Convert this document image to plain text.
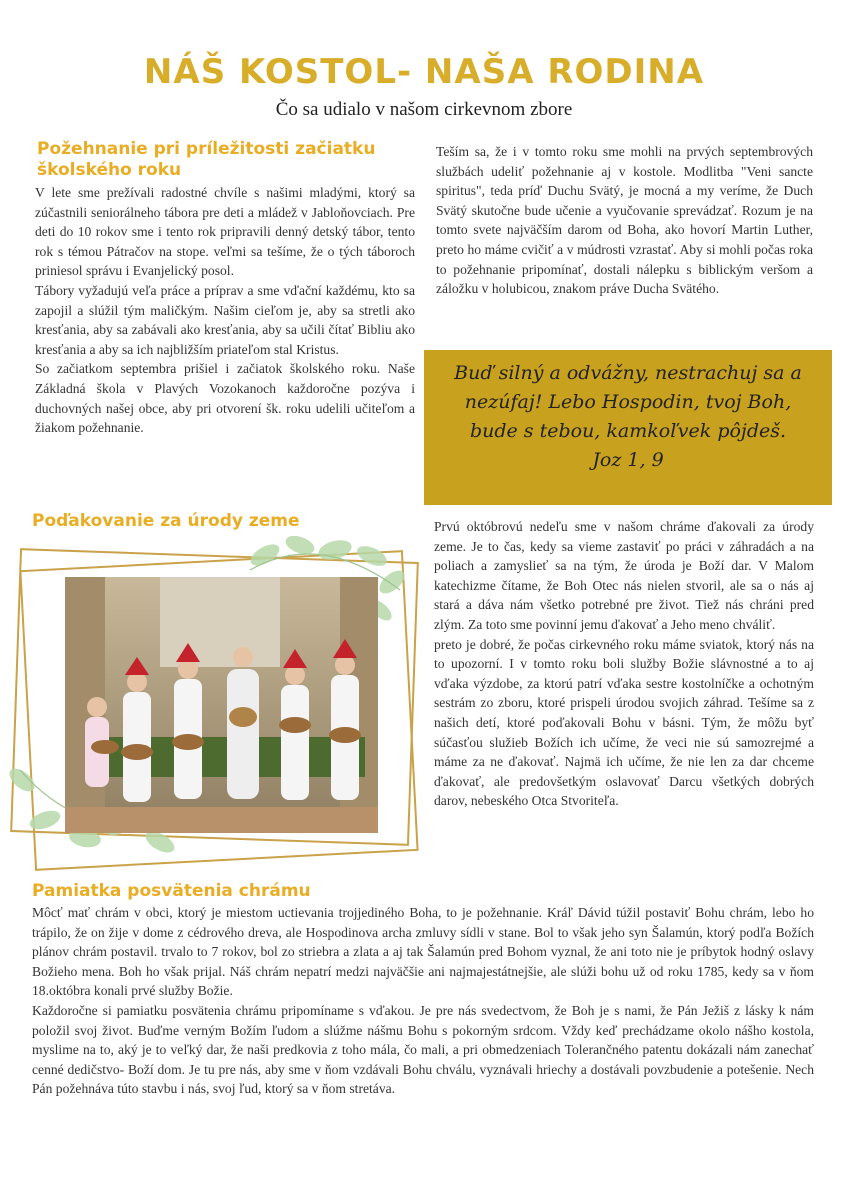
NÁŠ KOSTOL- NAŠA RODINA
Čo sa udialo v našom cirkevnom zbore
Požehnanie pri príležitosti začiatku školského roku

V lete sme prežívali radostné chvíle s našimi mladými, ktorý sa zúčastnili seniorálneho tábora pre deti a mládež v Jabloňovciach. Pre deti do 10 rokov sme i tento rok pripravili denný detský tábor, tento rok s témou Pátračov na stope. veľmi sa tešíme, že o tých táboroch priniesol správu i Evanjelický posol.

Tábory vyžadujú veľa práce a príprav a sme vďační každému, kto sa zapojil a slúžil tým maličkým. Našim cieľom je, aby sa stretli ako kresťania, aby sa zabávali ako kresťania, aby sa učili čítať Bibliu ako kresťania a aby sa ich najbližším priateľom stal Kristus.

So začiatkom septembra prišiel i začiatok školského roku. Naše Základná škola v Plavých Vozokanoch každoročne pozýva i duchovných našej obce, aby pri otvorení šk. roku udelili učiteľom a žiakom požehnanie.

Teším sa, že i v tomto roku sme mohli na prvých septembrových službách udeliť požehnanie aj v kostole. Modlitba "Veni sancte spiritus", teda príď Duchu Svätý, je mocná a my veríme, že Duch Svätý skutočne bude učenie a vyučovanie sprevádzať. Rozum je na tomto svete najväčším darom od Boha, ako hovorí Martin Luther, preto ho máme cvičiť a v múdrosti vzrastať. Aby si mohli počas roka to požehnanie pripomínať, dostali nálepku s biblickým veršom a záložku v holubicou, znakom práve Ducha Svätého.

Buď silný a odvážny, nestrachuj sa a nezúfaj! Lebo Hospodin, tvoj Boh, bude s tebou, kamkoľvek pôjdeš.
Joz 1, 9
Poďakovanie za úrody zeme	Prvú októbrovú nedeľu sme v našom chráme ďakovali za úrody zeme. Je to čas, kedy sa vieme zastaviť po práci v záhradách a na poliach a zamyslieť sa na tým, že úroda je Boží dar. V Malom katechizme čítame, že Boh Otec nás nielen stvoril, ale sa o nás aj stará a dáva nám všetko potrebné pre život. Tiež nás chráni pred zlým. Za toto sme povinní jemu ďakovať a Jeho meno chváliť.

preto je dobré, že počas cirkevného roku máme sviatok, ktorý nás na to upozorní. I v tomto roku boli služby Božie slávnostné a to aj vďaka výzdobe, za ktorú patrí vďaka sestre kostolníčke a ochotným sestrám zo zboru, ktoré prispeli úrodou svojich záhrad. Tešíme sa z našich detí, ktoré poďakovali Bohu v básni. Tým, že môžu byť súčasťou služieb Božích ich učíme, že veci nie sú samozrejmé a máme za ne ďakovať. Najmä ich učíme, že nie len za dar chceme ďakovať, ale predovšetkým oslavovať Darcu všetkých dobrých darov, nebeského Otca Stvoriteľa.

Pamiatka posvätenia chrámu

Môcť mať chrám v obci, ktorý je miestom uctievania trojjediného Boha, to je požehnanie. Kráľ Dávid túžil postaviť Bohu chrám, lebo ho trápilo, že on žije v dome z cédrového dreva, ale Hospodinova archa zmluvy sídli v stane. Bol to však jeho syn Šalamún, ktorý podľa Božích plánov chrám postavil. trvalo to 7 rokov, bol zo striebra a zlata a aj tak Šalamún pred Bohom vyznal, že ani toto nie je príbytok hodný oslavy Božieho mena. Boh ho však prijal. Náš chrám nepatrí medzi najväčšie ani najmajestátnejšie, ale slúži bohu už od roku 1785, kedy sa v ňom 18.októbra konali prvé služby Božie.

Každoročne si pamiatku posvätenia chrámu pripomíname s vďakou. Je pre nás svedectvom, že Boh je s nami, že Pán Ježiš z lásky k nám položil svoj život. Buďme verným Božím ľudom a slúžme nášmu Bohu s pokorným srdcom. Vždy keď prechádzame okolo nášho kostola, myslime na to, aký je to veľký dar, že naši predkovia z toho mála, čo mali, a pri obmedzeniach Tolerančného patentu dokázali nám zanechať cenné dedičstvo- Boží dom. Je tu pre nás, aby sme v ňom vzdávali Bohu chválu, vyznávali hriechy a dostávali povzbudenie a potešenie. Nech Pán požehnáva túto stavbu i nás, svoj ľud, ktorý sa v ňom stretáva.
